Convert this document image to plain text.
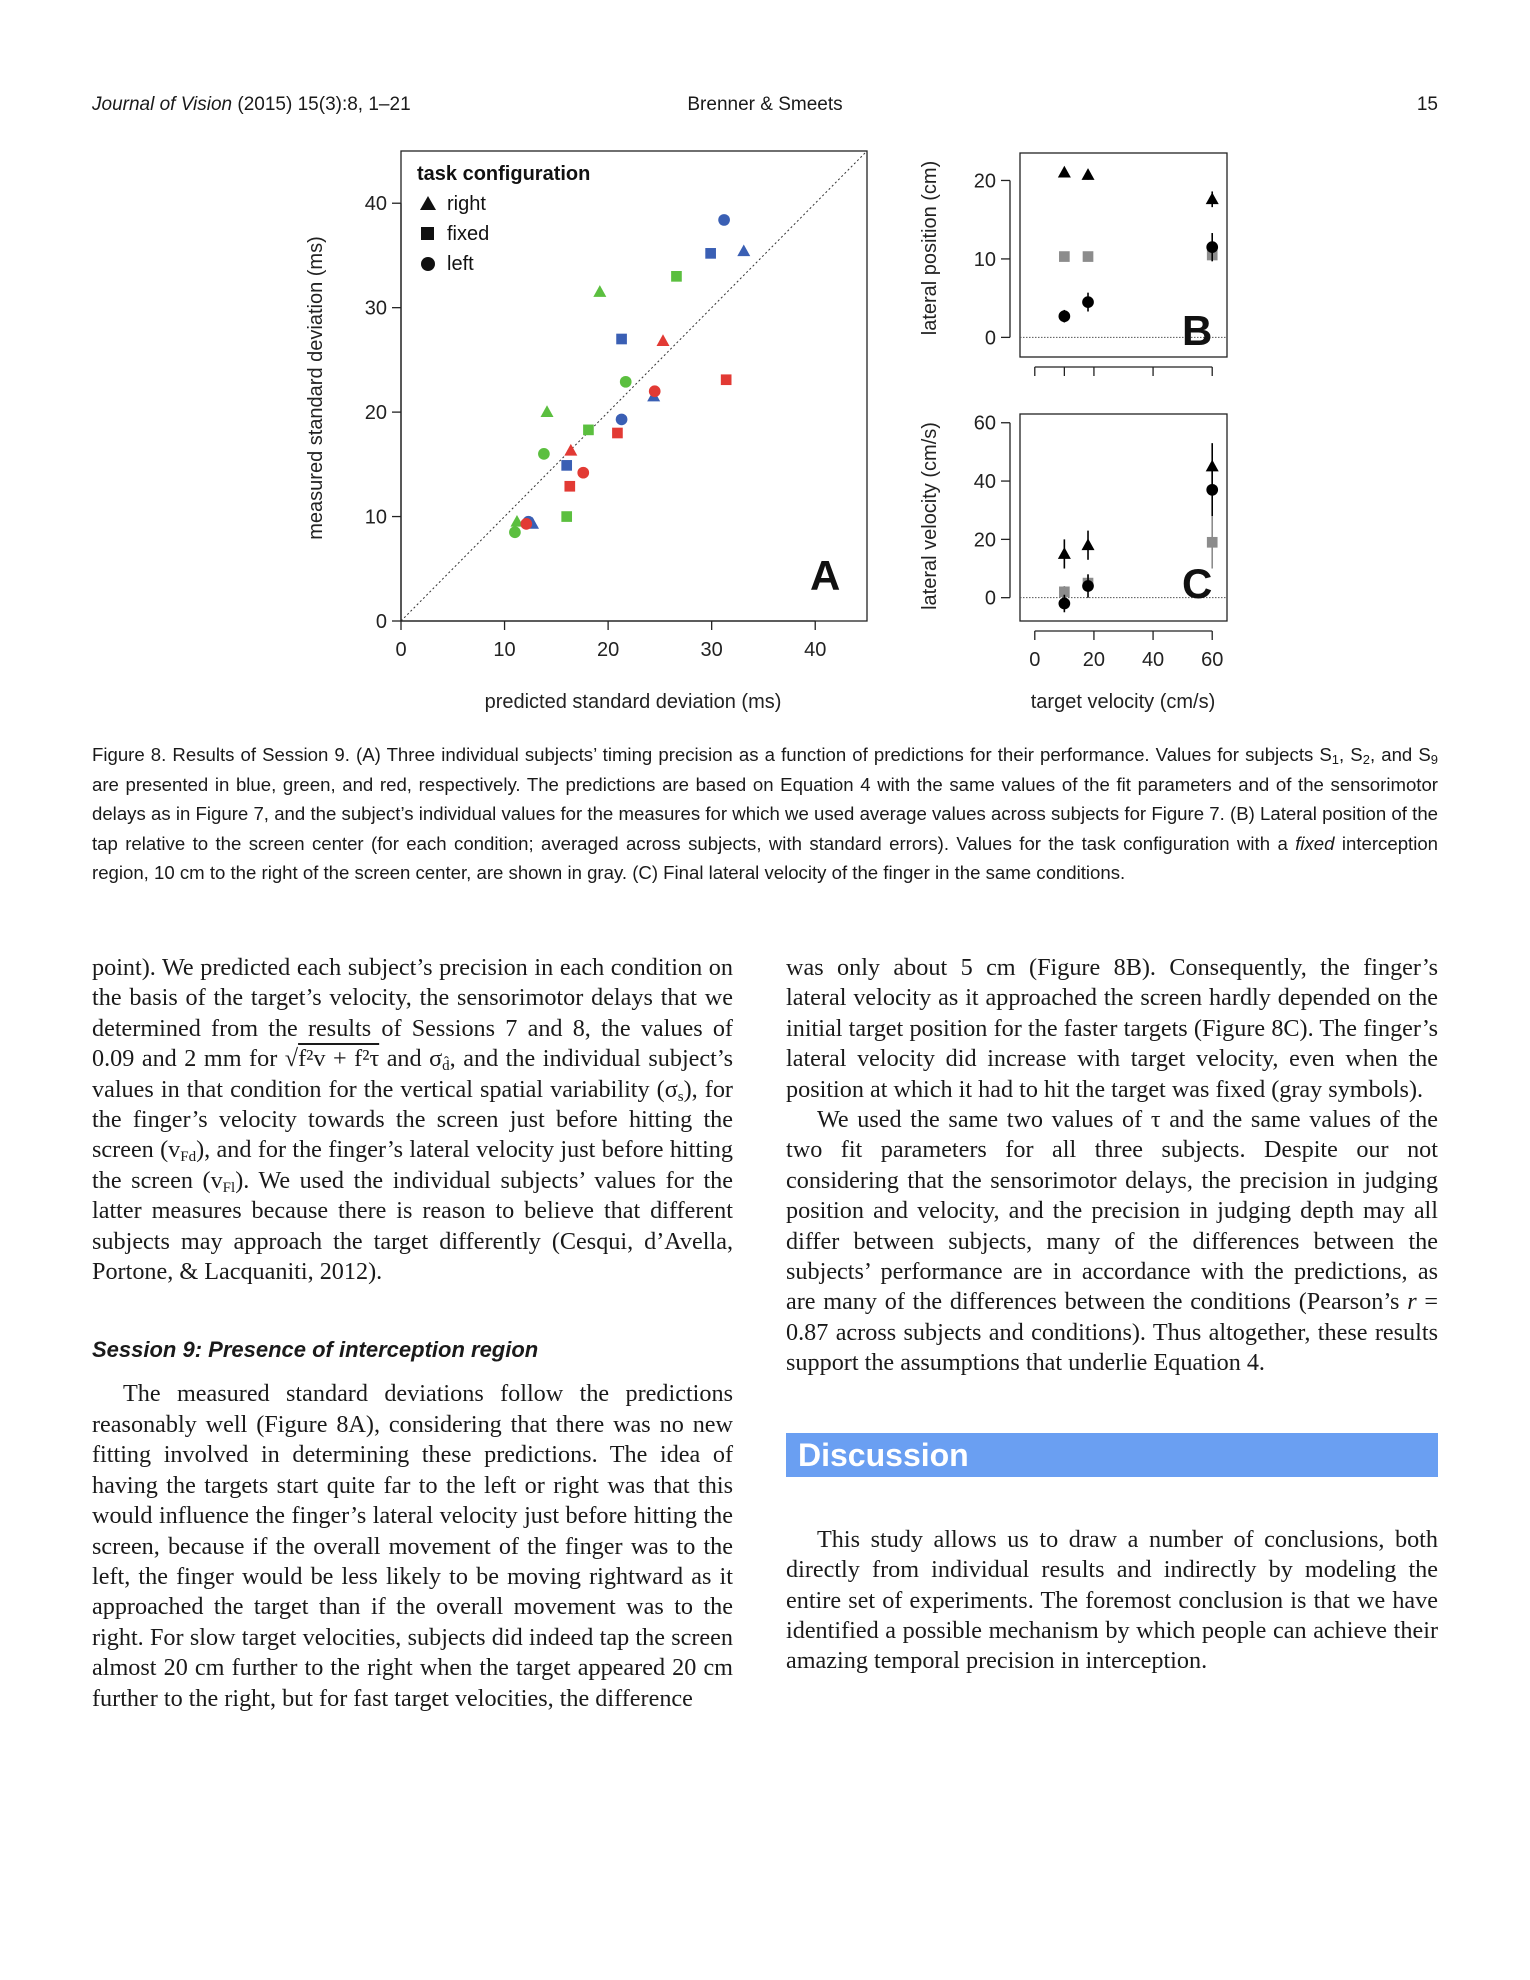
Journal of Vision (2015) 15(3):8, 1–21	Brenner & Smeets	15
0	10	20	30	40
0
10
20
30
40
predicted standard deviation (ms)
measured standard deviation (ms)
task configuration
right
fixed
left
A
0
10
20
lateral position (cm)	B
0 20 40 60
0
20
40
60
target velocity (cm/s)
lateral velocity (cm/s)	C
Figure 8. Results of Session 9. (A) Three individual subjects’ timing precision as a function of predictions for their performance. Values for subjects $S_1$, $S_2$, and $S_9$ are presented in blue, green, and red, respectively. The predictions are based on Equation 4 with the same values of the fit parameters and of the sensorimotor delays as in Figure 7, and the subject’s individual values for the measures for which we used average values across subjects for Figure 7. (B) Lateral position of the tap relative to the screen center (for each condition; averaged across subjects, with standard errors). Values for the task configuration with a fixed interception region, 10 cm to the right of the screen center, are shown in gray. (C) Final lateral velocity of the finger in the same conditions.

point). We predicted each subject’s precision in each condition on the basis of the target’s velocity, the sensorimotor delays that we determined from the results of Sessions 7 and 8, the values of 0.09 and 2 mm for √f²v + f²τ and $\sigma_{d̂}$, and the individual subject’s values in that condition for the vertical spatial variability $(\sigma_s)$, for the finger’s velocity towards the screen just before hitting the screen $(v_{Fd})$, and for the finger’s lateral velocity just before hitting the screen $(v_{Fl})$. We used the individual subjects’ values for the latter measures because there is reason to believe that different subjects may approach the target differently (Cesqui, d’Avella, Portone, & Lacquaniti, 2012).

Session 9: Presence of interception region

The measured standard deviations follow the predictions reasonably well (Figure 8A), considering that there was no new fitting involved in determining these predictions. The idea of having the targets start quite far to the left or right was that this would influence the finger’s lateral velocity just before hitting the screen, because if the overall movement of the finger was to the left, the finger would be less likely to be moving rightward as it approached the target than if the overall movement was to the right. For slow target velocities, subjects did indeed tap the screen almost 20 cm further to the right when the target appeared 20 cm further to the right, but for fast target velocities, the difference

was only about 5 cm (Figure 8B). Consequently, the finger’s lateral velocity as it approached the screen hardly depended on the initial target position for the faster targets (Figure 8C). The finger’s lateral velocity did increase with target velocity, even when the position at which it had to hit the target was fixed (gray symbols).

We used the same two values of τ and the same values of the two fit parameters for all three subjects. Despite our not considering that the sensorimotor delays, the precision in judging position and velocity, and the precision in judging depth may all differ between subjects, many of the differences between the subjects’ performance are in accordance with the predictions, as are many of the differences between the conditions (Pearson’s r = 0.87 across subjects and conditions). Thus altogether, these results support the assumptions that underlie Equation 4.

Discussion

This study allows us to draw a number of conclusions, both directly from individual results and indirectly by modeling the entire set of experiments. The foremost conclusion is that we have identified a possible mechanism by which people can achieve their amazing temporal precision in interception.
